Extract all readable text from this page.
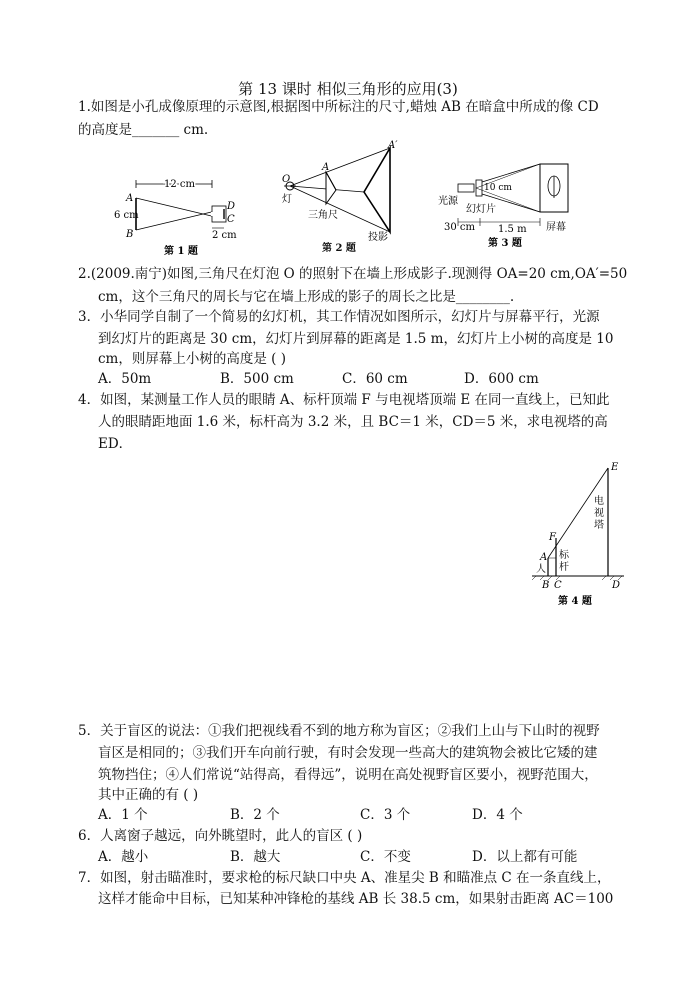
第 13 课时 相似三角形的应用(3)
1.如图是小孔成像原理的示意图,根据图中所标注的尺寸,蜡烛 AB 在暗盒中所成的像 CD
的高度是_______ cm.
12 cm
6 cm
A
B
D
C
2 cm
第 1 题
O
A
A′
灯
三角尺
投影
第 2 题
10 cm
光源
幻灯片
30 cm 1.5 m 屏幕
第 3 题
2.(2009.南宁)如图,三角尺在灯泡 O 的照射下在墙上形成影子.现测得 OA=20 cm,OA′=50
cm，这个三角尺的周长与它在墙上形成的影子的周长之比是________.
3．小华同学自制了一个简易的幻灯机，其工作情况如图所示，幻灯片与屏幕平行，光源
到幻灯片的距离是 30 cm，幻灯片到屏幕的距离是 1.5 m，幻灯片上小树的高度是 10
cm，则屏幕上小树的高度是 ( )
A．50m	B．500 cm	C．60 cm	D．600 cm
4．如图，某测量工作人员的眼睛 A、标杆顶端 F 与电视塔顶端 E 在同一直线上，已知此
人的眼睛距地面 1.6 米，标杆高为 3.2 米，且 BC＝1 米，CD＝5 米，求电视塔的高
ED．
E
F
A
B C	D
人
标
杆
电
视
塔
第 4 题
5．关于盲区的说法：①我们把视线看不到的地方称为盲区；②我们上山与下山时的视野
盲区是相同的；③我们开车向前行驶，有时会发现一些高大的建筑物会被比它矮的建
筑物挡住；④人们常说“站得高，看得远”，说明在高处视野盲区要小，视野范围大，
其中正确的有 ( )
A．1 个	B．2 个	C．3 个	D．4 个
6．人离窗子越远，向外眺望时，此人的盲区 ( )
A．越小	B．越大	C．不变	D．以上都有可能
7．如图，射击瞄准时，要求枪的标尺缺口中央 A、准星尖 B 和瞄准点 C 在一条直线上，
这样才能命中目标，已知某种冲锋枪的基线 AB 长 38.5 cm，如果射击距离 AC＝100
